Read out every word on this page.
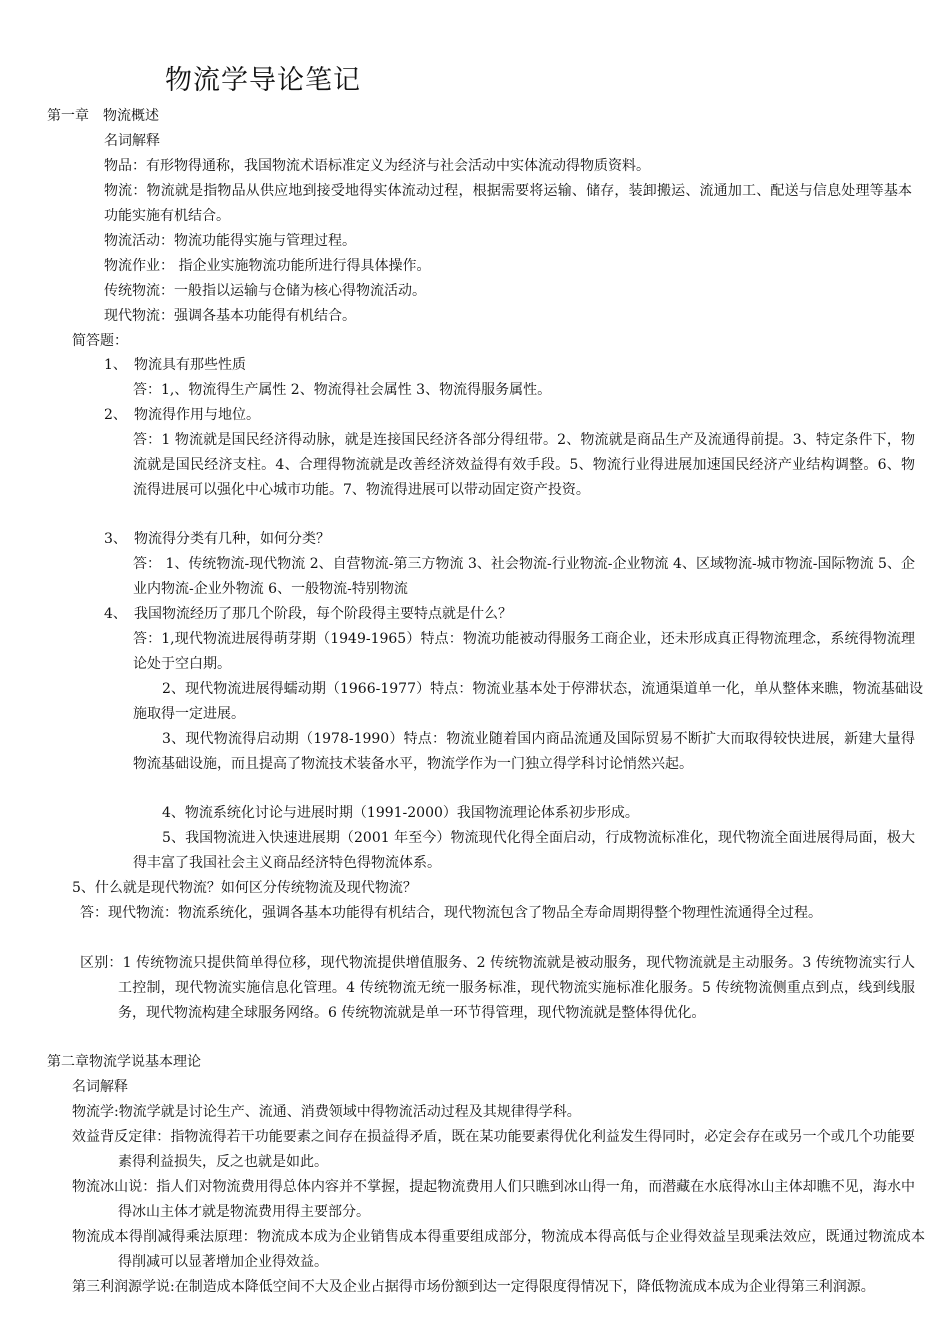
物流学导论笔记
第一章　物流概述
名词解释
物品：有形物得通称，我国物流术语标准定义为经济与社会活动中实体流动得物质资料。
物流：物流就是指物品从供应地到接受地得实体流动过程，根据需要将运输、储存，装卸搬运、流通加工、配送与信息处理等基本功能实施有机结合。
物流活动：物流功能得实施与管理过程。
物流作业： 指企业实施物流功能所进行得具体操作。
传统物流：一般指以运输与仓储为核心得物流活动。
现代物流：强调各基本功能得有机结合。
简答题：
1、 物流具有那些性质
答：1,、物流得生产属性 2、物流得社会属性 3、物流得服务属性。
2、 物流得作用与地位。
答：1 物流就是国民经济得动脉，就是连接国民经济各部分得纽带。2、物流就是商品生产及流通得前提。3、特定条件下，物流就是国民经济支柱。4、合理得物流就是改善经济效益得有效手段。5、物流行业得进展加速国民经济产业结构调整。6、物流得进展可以强化中心城市功能。7、物流得进展可以带动固定资产投资。
3、 物流得分类有几种，如何分类？
答： 1、传统物流-现代物流 2、自营物流-第三方物流 3、社会物流-行业物流-企业物流 4、区域物流-城市物流-国际物流 5、企业内物流-企业外物流 6、一般物流-特别物流
4、 我国物流经历了那几个阶段，每个阶段得主要特点就是什么？
答：1,现代物流进展得萌芽期（1949-1965）特点：物流功能被动得服务工商企业，还未形成真正得物流理念，系统得物流理论处于空白期。
2、现代物流进展得蠕动期（1966-1977）特点：物流业基本处于停滞状态，流通渠道单一化，单从整体来瞧，物流基础设施取得一定进展。
3、现代物流得启动期（1978-1990）特点：物流业随着国内商品流通及国际贸易不断扩大而取得较快进展，新建大量得物流基础设施，而且提高了物流技术装备水平，物流学作为一门独立得学科讨论悄然兴起。
4、物流系统化讨论与进展时期（1991-2000）我国物流理论体系初步形成。
5、我国物流进入快速进展期（2001 年至今）物流现代化得全面启动，行成物流标准化，现代物流全面进展得局面，极大得丰富了我国社会主义商品经济特色得物流体系。
5、什么就是现代物流？如何区分传统物流及现代物流？
答：现代物流：物流系统化，强调各基本功能得有机结合，现代物流包含了物品全寿命周期得整个物理性流通得全过程。
区别：1 传统物流只提供简单得位移，现代物流提供增值服务、2 传统物流就是被动服务，现代物流就是主动服务。3 传统物流实行人工控制，现代物流实施信息化管理。4 传统物流无统一服务标准，现代物流实施标准化服务。5 传统物流侧重点到点，线到线服务，现代物流构建全球服务网络。6 传统物流就是单一环节得管理，现代物流就是整体得优化。
第二章物流学说基本理论
名词解释
物流学:物流学就是讨论生产、流通、消费领域中得物流活动过程及其规律得学科。
效益背反定律：指物流得若干功能要素之间存在损益得矛盾，既在某功能要素得优化利益发生得同时，必定会存在或另一个或几个功能要素得利益损失，反之也就是如此。
物流冰山说：指人们对物流费用得总体内容并不掌握，提起物流费用人们只瞧到冰山得一角，而潜藏在水底得冰山主体却瞧不见，海水中得冰山主体才就是物流费用得主要部分。
物流成本得削减得乘法原理：物流成本成为企业销售成本得重要组成部分，物流成本得高低与企业得效益呈现乘法效应，既通过物流成本得削减可以显著增加企业得效益。
第三利润源学说:在制造成本降低空间不大及企业占据得市场份额到达一定得限度得情况下，降低物流成本成为企业得第三利润源。
